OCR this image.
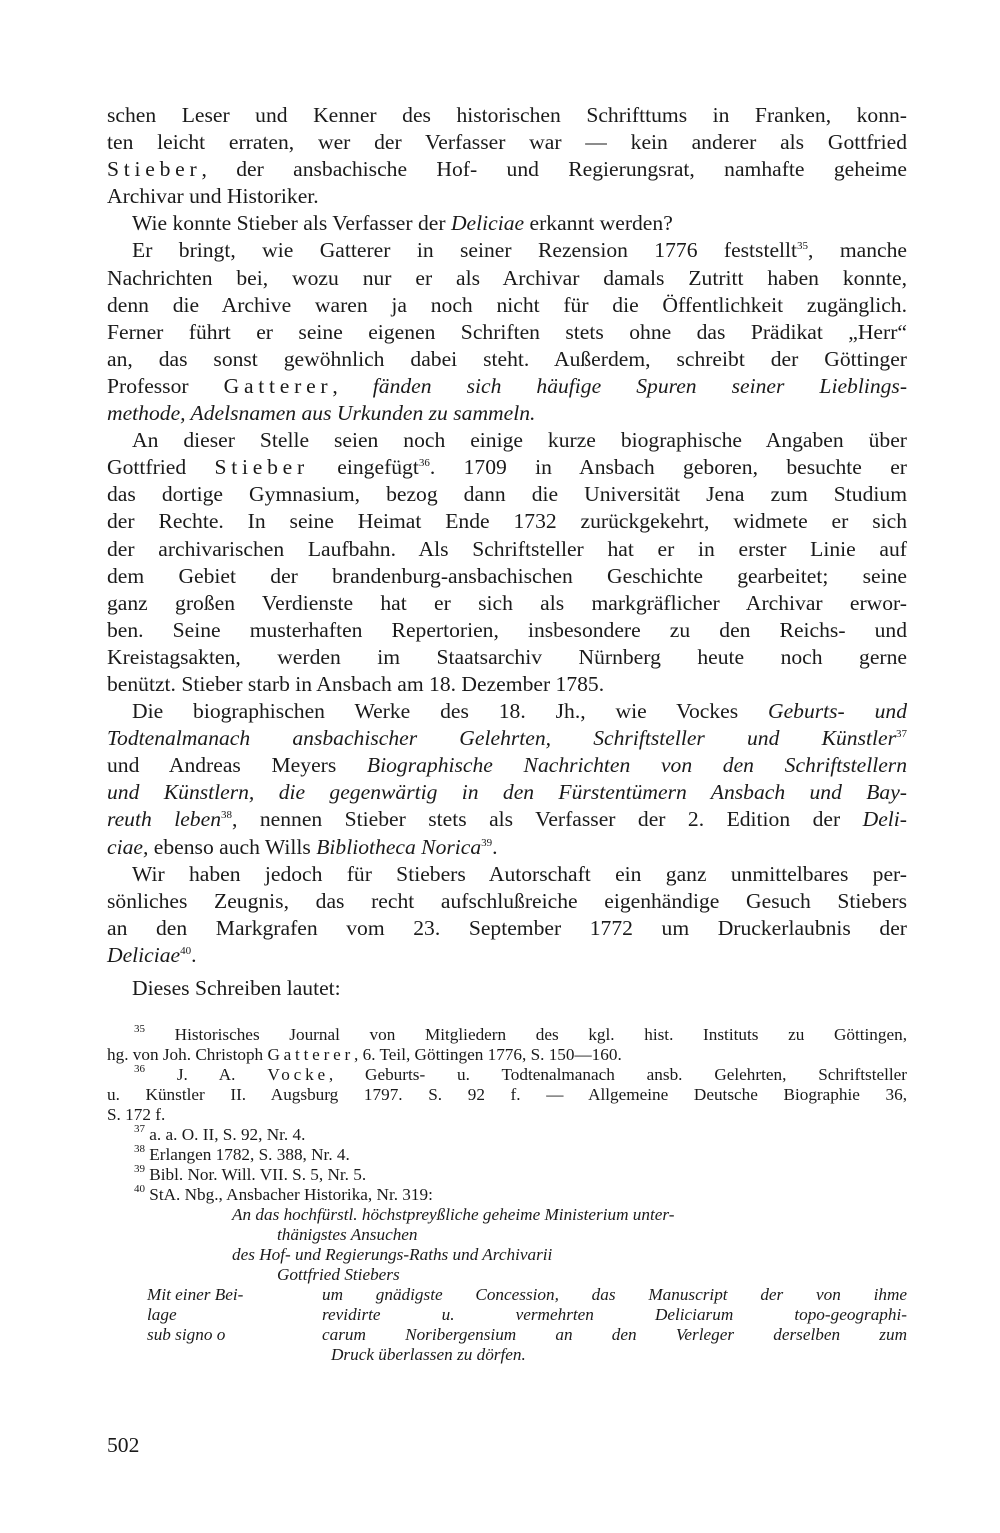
schen Leser und Kenner des historischen Schrifttums in Franken, konn-
ten leicht erraten, wer der Verfasser war — kein anderer als Gottfried
Stieber, der ansbachische Hof- und Regierungsrat, namhafte geheime
Archivar und Historiker.
Wie konnte Stieber als Verfasser der Deliciae erkannt werden?
Er bringt, wie Gatterer in seiner Rezension 1776 feststellt$^{35}$, manche
Nachrichten bei, wozu nur er als Archivar damals Zutritt haben konnte,
denn die Archive waren ja noch nicht für die Öffentlichkeit zugänglich.
Ferner führt er seine eigenen Schriften stets ohne das Prädikat „Herr“
an, das sonst gewöhnlich dabei steht. Außerdem, schreibt der Göttinger
Professor Gatterer, fänden sich häufige Spuren seiner Lieblings-
methode, Adelsnamen aus Urkunden zu sammeln.
An dieser Stelle seien noch einige kurze biographische Angaben über
Gottfried Stieber eingefügt$^{36}$. 1709 in Ansbach geboren, besuchte er
das dortige Gymnasium, bezog dann die Universität Jena zum Studium
der Rechte. In seine Heimat Ende 1732 zurückgekehrt, widmete er sich
der archivarischen Laufbahn. Als Schriftsteller hat er in erster Linie auf
dem Gebiet der brandenburg-ansbachischen Geschichte gearbeitet; seine
ganz großen Verdienste hat er sich als markgräflicher Archivar erwor-
ben. Seine musterhaften Repertorien, insbesondere zu den Reichs- und
Kreistagsakten, werden im Staatsarchiv Nürnberg heute noch gerne
benützt. Stieber starb in Ansbach am 18. Dezember 1785.
Die biographischen Werke des 18. Jh., wie Vockes Geburts- und
Todtenalmanach ansbachischer Gelehrten, Schriftsteller und Künstler$^{37}$
und Andreas Meyers Biographische Nachrichten von den Schriftstellern
und Künstlern, die gegenwärtig in den Fürstentümern Ansbach und Bay-
reuth leben$^{38}$, nennen Stieber stets als Verfasser der 2. Edition der Deli-
ciae, ebenso auch Wills Bibliotheca Norica$^{39}$.
Wir haben jedoch für Stiebers Autorschaft ein ganz unmittelbares per-
sönliches Zeugnis, das recht aufschlußreiche eigenhändige Gesuch Stiebers
an den Markgrafen vom 23. September 1772 um Druckerlaubnis der
Deliciae$^{40}$.
Dieses Schreiben lautet:
$^{35}$ Historisches Journal von Mitgliedern des kgl. hist. Instituts zu Göttingen,
hg. von Joh. Christoph Gatterer, 6. Teil, Göttingen 1776, S. 150—160.
$^{36}$ J. A. Vocke, Geburts- u. Todtenalmanach ansb. Gelehrten, Schriftsteller
u. Künstler II. Augsburg 1797. S. 92 f. — Allgemeine Deutsche Biographie 36,
S. 172 f.
$^{37}$ a. a. O. II, S. 92, Nr. 4.
$^{38}$ Erlangen 1782, S. 388, Nr. 4.
$^{39}$ Bibl. Nor. Will. VII. S. 5, Nr. 5.
$^{40}$ StA. Nbg., Ansbacher Historika, Nr. 319:
An das hochfürstl. höchstpreyßliche geheime Ministerium unter-
thänigstes Ansuchen
des Hof- und Regierungs-Raths und Archivarii
Gottfried Stiebers
Mit einer Bei-
lage
sub signo o
um gnädigste Concession, das Manuscript der von ihme
revidirte u. vermehrten Deliciarum topo-geographi-
carum Noribergensium an den Verleger derselben zum
Druck überlassen zu dörfen.
502
